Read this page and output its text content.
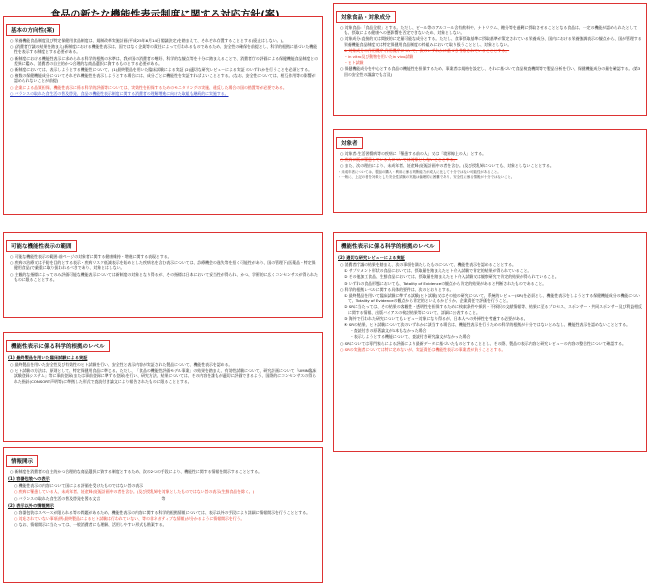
基本の方向性(案)
○ 栄養機能食品制度及び特定保健用食品制度は、規制改革実施計画(平成25年6月14日閣議決定)を踏まえて、それぞれ存置することとする(廃止はしない。)。
○ (消費者庁議の結果を踏まえ)新制度における機能性表示は、国ではなく企業等の責任によって行われるものであるため、安全性の確保を前提とし、科学的根拠に基づいた機能性を表示する制度とする必要がある。
○ 新制度における機能性表示に求められる科学的根拠の水準は、我が国の消費者の嗜好、科学的な観点等を十分に踏まえることで、消費者庁の評価による保健機能食品制度との差異に鑑み、消費者の自主的かつ合理的な商品選択に資するものとする必要がある。
○ 新制度においては、表示しようとする機能性について、(1)最終製品を用いた臨床試験による実証 (2)適切な研究レビューによる実証 のいずれかを行うことを必須とする。
○ 複数の保健機能成分についてそれぞれ機能性を表示しようとする場合には、成分ごとに機能性を実証すればよいこととする。(なお、安全性については、相互作用等の影響が認められないことが前提)
○ 企業による品質担保、機能性表示に係る科学的評価等については、実効性を担保するためのモニタリングの実施、違反した場合の国の措置等が必要である。
○ バランスの取れた食生活の普及啓発、食品の機能性表示制度に関する消費者の理解増進に向けた取組も継続的に実施する。
可能な機能性表示の範囲
○ 可能な機能性表示の範囲:前ページの対象者に関する健康維持・増進に関する表現とする。
○ 疾病の治療又は予防を目的とする表示・疾病リスク低減表示を始めとした疾病名を含む表示については、診療機会の逸失等を招く可能性があり、国の管理下(医薬品・特定保健用食品)で厳重に取り扱われるべきであり、対象とはしない。
○ 主観的な指標によってのみ評価可能な機能表示については新制度の対象となり得るが、その指標は日本において妥当性が得られ、かつ、学術的に広くコンセンサスが得られたものに限ることとする。
機能性表示に係る科学的根拠のレベル
(1) 最終製品を用いた臨床試験による実証
○ 最終製品を用いた安全性及び有効性のヒト試験を行い、安全性と表示内容が実証された製品について、機能性表示を認める。
○ ヒト試験の方法は、原則として、特定保健用食品に準じる。ただし、「食品の機能性評価モデル事業」の結果を踏まえ、有効性試験について、研究計画について「UMIN臨床試験登録システム」等に事前登録(または事前登録に準ずる登録)を行い、研究方法、結果については、その内容を誰もが適切に評価できるよう、国際的にコンセンサスの得られた指針(CONSORT声明等)に準拠した形式で査読付き論文により報告されたものに限ることとする。
情報開示
○ 新制度を消費者の自主的かつ合理的な商品選択に資する制度とするため、次の2つの手段により、機能性に関する情報を開示することとする。
(1) 容器包装への表示
○ 機能性表示の内容について国による評価を受けたものではない旨の表示
○ 疾病に罹患している人、未成年者、妊産婦(妊娠計画中の者を含む。)及び授乳婦を対象としたものではない旨の表示(生鮮食品を除く。)
○ バランスの取れた食生活の普及啓発を図る文言	等
(2) 表示以外の情報開示
○ 容器包装はスペースが限られる等の問題があるため、機能性表示の内容に関する科学的根拠情報については、表示以外の手段により詳細に情報開示を行うこととする。
○ 対応されていない事項(例:最終製品によるヒト試験は行われていない、等の非ネガティブな情報)が分かるように情報開示を行う。
○ なお、情報開示に当たっては、一般消費者にも理解、活用しやすい形式も勘案する。
対象食品・対象成分
○ 対象食品:「食品全般」とする。ただし、ビール等のアルコール含有飲料や、ナトリウム、糖分等を過剰に摂取させることとなる食品は、一定の機能が認められたとしても、摂取による健康への悪影響を否定できないため、対象としない。
○ 対象成分:直接的又は間接的に定量可能な成分とする。ただし、食事摂取基準に摂取基準が策定されている栄養成分、国内における栄養強調表示の観点から、国が管理する栄養機能食品制度又は特定保健用食品制度の枠組みにおいて取り扱うこととし、対象としない。
※ 対象成分の作用機序:作用機序について、次のいずれかに基づき考察されていることとする。
・in vitro及び動物を用いたin vivo試験
・ヒト試験
○ 保健機能成分を中心とする食品の機能性を担保するため、事業者は規格を設定し、それに基づいて食品検査機関等で製品分析を行い、保健機能成分の量を確認する。(第3回の安全性の議論でも言及)
対象者
○ 対象者:生活習慣病等の疾病に「罹患する前の人」又は「境界線上の人」とする。
○ 疾病に既に罹患している人については対象としないこととする。
○ また、次の理由により、未成年者、妊産婦(妊娠計画中の者を含む。)及び授乳婦についても、対象としないこととする。
・未成年者については、製品の購入・利用に係る判断能力が成人に比して十分ではない可能性があること。
・一般に、上記の者を対象とした安全性試験の実施は倫理的に困難であり、安全性に係る情報が十分ではないこと。
機能性表示に係る科学的根拠のレベル
(2) 適切な研究レビューによる実証
○ 消費者庁議の結果を踏まえ、次の事項を満たしたものについて、機能性表示を認めることとする。
① サプリメント形状の食品においては、摂取量を踏まえたヒト介入試験で肯定的結果が得られていること。
② その他加工食品、生鮮食品においては、摂取量を踏まえたヒト介入試験又は観察研究で肯定的結果が得られていること。
③ いずれの食品形態においても、Totality of Evidenceの観点から肯定的結果があると判断されたものであること。
○ 科学的根拠レベルに関する具体的要件は、次のとおりとする。
① 最終製品を用いて臨床試験に準ずる試験(ヒト試験)又はその他の研究について、系統的レビュー(SR)を必須とし、機能性表示をしようとする保健機能成分の機能について、Totality of Evidenceの観点から肯定的といえるかどうか、企業責任で評価を行うこと。
② SRに当たっては、その結果の客観性・透明性を担保するために検索条件や採択・不採択の文献情報等、結果に至るプロセス、スポンサー・共同スポンサー及び利益相反に関する情報、出版バイアスの検討結果等について、詳細に公表すること。
③ 海外で行われた研究についてもレビュー対象になり得るが、日本人への外挿性を考慮する必要がある。
④ SRの結果、ヒト試験について次のいずれかに該当する場合は、機能性表示を行うための科学的根拠が十分ではないとみなし、機能性表示を認めないこととする。
・査読付きの原著論文が1本もなかった場合
・表示しようとする機能について、査読付き研究論文がなかった場合
○ SRについては専門家らによる評価により最新データに基づいたものとすることとし、その際、製品の表示内容と研究レビューの内容の整合性について確認する。
○ SRの実施者については特に定めないが、実証責任は機能性表示の事業者が負うこととする。
